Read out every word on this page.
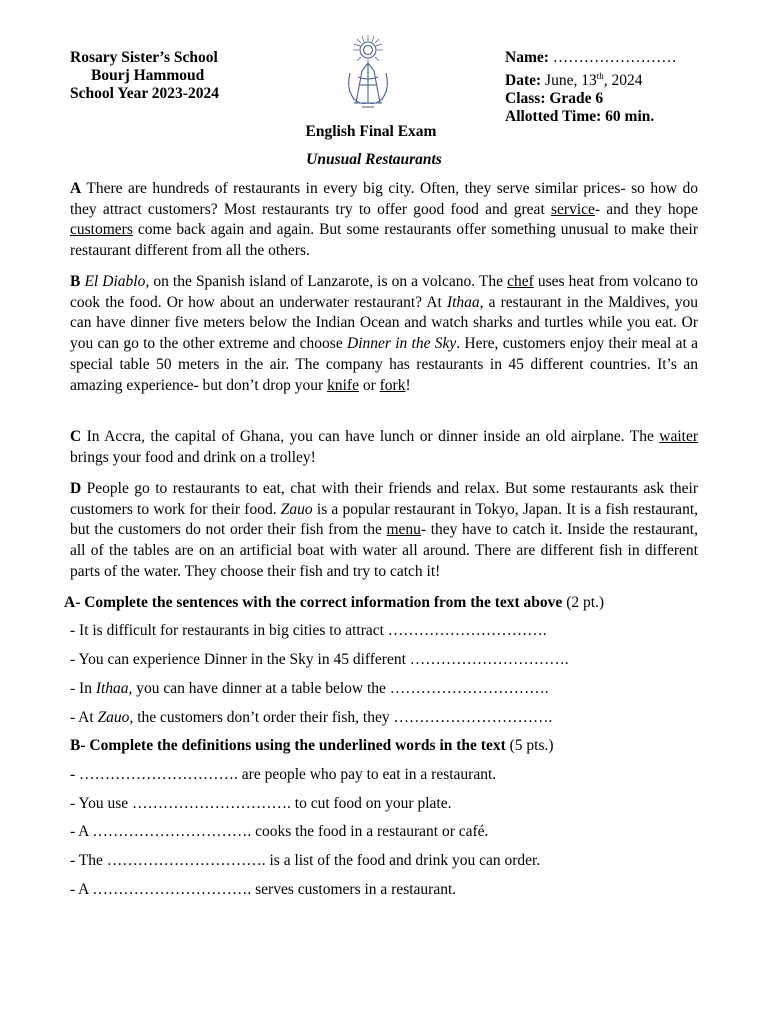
Rosary Sister’s School
Bourj Hammoud
School Year 2023-2024
Name: ……………………
Date: June, 13th, 2024
Class: Grade 6
Allotted Time: 60 min.
English Final Exam
Unusual Restaurants

A There are hundreds of restaurants in every big city. Often, they serve similar prices- so how do they attract customers? Most restaurants try to offer good food and great service- and they hope customers come back again and again. But some restaurants offer something unusual to make their restaurant different from all the others.

B El Diablo, on the Spanish island of Lanzarote, is on a volcano. The chef uses heat from volcano to cook the food. Or how about an underwater restaurant? At Ithaa, a restaurant in the Maldives, you can have dinner five meters below the Indian Ocean and watch sharks and turtles while you eat. Or you can go to the other extreme and choose Dinner in the Sky. Here, customers enjoy their meal at a special table 50 meters in the air. The company has restaurants in 45 different countries. It’s an amazing experience- but don’t drop your knife or fork!

C In Accra, the capital of Ghana, you can have lunch or dinner inside an old airplane. The waiter brings your food and drink on a trolley!

D People go to restaurants to eat, chat with their friends and relax. But some restaurants ask their customers to work for their food. Zauo is a popular restaurant in Tokyo, Japan. It is a fish restaurant, but the customers do not order their fish from the menu- they have to catch it. Inside the restaurant, all of the tables are on an artificial boat with water all around. There are different fish in different parts of the water. They choose their fish and try to catch it!

A- Complete the sentences with the correct information from the text above (2 pt.)
- It is difficult for restaurants in big cities to attract ………………………….
- You can experience Dinner in the Sky in 45 different ………………………….
- In Ithaa, you can have dinner at a table below the ………………………….
- At Zauo, the customers don’t order their fish, they ………………………….
B- Complete the definitions using the underlined words in the text (5 pts.)
- …………………………. are people who pay to eat in a restaurant.
- You use …………………………. to cut food on your plate.
- A …………………………. cooks the food in a restaurant or café.
- The …………………………. is a list of the food and drink you can order.
- A …………………………. serves customers in a restaurant.
